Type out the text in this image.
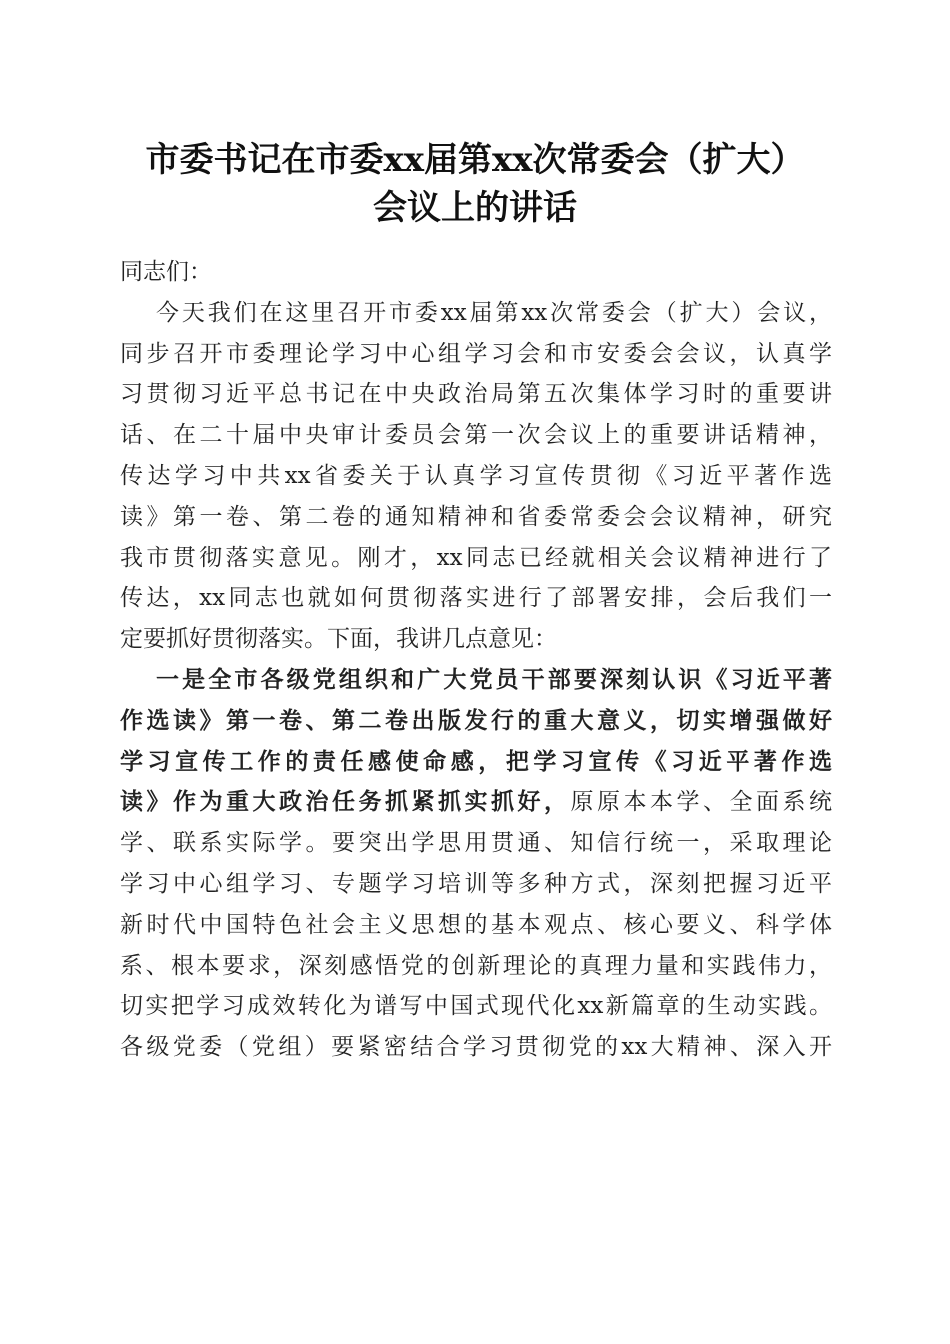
市委书记在市委xx届第xx次常委会（扩大）
会议上的讲话
同志们：
今天我们在这里召开市委xx届第xx次常委会（扩大）会议，
同步召开市委理论学习中心组学习会和市安委会会议，认真学
习贯彻习近平总书记在中央政治局第五次集体学习时的重要讲
话、在二十届中央审计委员会第一次会议上的重要讲话精神，
传达学习中共xx省委关于认真学习宣传贯彻《习近平著作选
读》第一卷、第二卷的通知精神和省委常委会会议精神，研究
我市贯彻落实意见。刚才，xx同志已经就相关会议精神进行了
传达，xx同志也就如何贯彻落实进行了部署安排，会后我们一
定要抓好贯彻落实。下面，我讲几点意见：
一是全市各级党组织和广大党员干部要深刻认识《习近平著
作选读》第一卷、第二卷出版发行的重大意义，切实增强做好
学习宣传工作的责任感使命感，把学习宣传《习近平著作选
读》作为重大政治任务抓紧抓实抓好，原原本本学、全面系统
学、联系实际学。要突出学思用贯通、知信行统一，采取理论
学习中心组学习、专题学习培训等多种方式，深刻把握习近平
新时代中国特色社会主义思想的基本观点、核心要义、科学体
系、根本要求，深刻感悟党的创新理论的真理力量和实践伟力，
切实把学习成效转化为谱写中国式现代化xx新篇章的生动实践。
各级党委（党组）要紧密结合学习贯彻党的xx大精神、深入开
